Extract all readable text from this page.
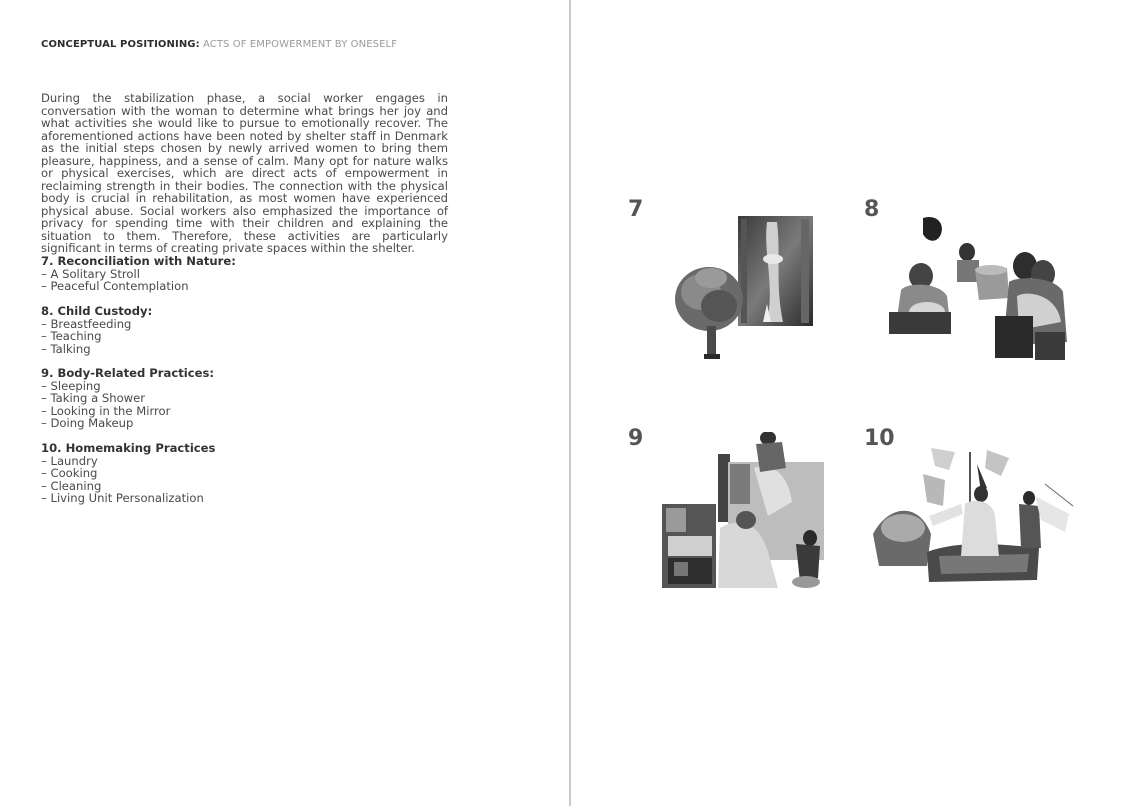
CONCEPTUAL POSITIONING: ACTS OF EMPOWERMENT BY ONESELF

During the stabilization phase, a social worker engages in conversation with the woman to determine what brings her joy and what activities she would like to pursue to emotionally recover. The aforementioned actions have been noted by shelter staff in Denmark as the initial steps chosen by newly arrived women to bring them pleasure, happiness, and a sense of calm. Many opt for nature walks or physical exercises, which are direct acts of empowerment in reclaiming strength in their bodies. The connection with the physical body is crucial in rehabilitation, as most women have experienced physical abuse. Social workers also emphasized the importance of privacy for spending time with their children and explaining the situation to them. Therefore, these activities are particularly significant in terms of creating private spaces within the shelter.

7. Reconciliation with Nature:
– A Solitary Stroll
– Peaceful Contemplation
8. Child Custody:
– Breastfeeding
– Teaching
– Talking
9. Body-Related Practices:
– Sleeping
– Taking a Shower
– Looking in the Mirror
– Doing Makeup
10. Homemaking Practices
– Laundry
– Cooking
– Cleaning
– Living Unit Personalization
7	8
9	10
